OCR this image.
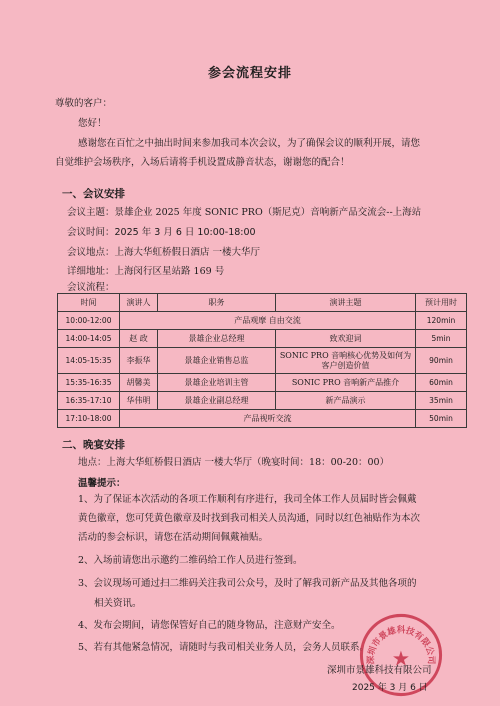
参会流程安排
尊敬的客户：
您好！
感谢您在百忙之中抽出时间来参加我司本次会议，为了确保会议的顺利开展，请您
自觉维护会场秩序，入场后请将手机设置成静音状态，谢谢您的配合！
一、会议安排
会议主题：景雄企业 2025 年度 SONIC PRO（斯尼克）音响新产品交流会--上海站
会议时间：2025 年 3 月 6 日 10:00-18:00
会议地点：上海大华虹桥假日酒店 一楼大华厅
详细地址：上海闵行区星站路 169 号
会议流程：
时间	演讲人	职务	演讲主题	预计用时
10:00-12:00	产品观摩 自由交流			120min
14:00-14:05	赵 政	景雄企业总经理	致欢迎词	5min
14:05-15:35	李振华	景雄企业销售总监	SONIC PRO 音响核心优势及如何为客户创造价值	90min
15:35-16:35	胡馨美	景雄企业培训主管	SONIC PRO 音响新产品推介	60min
16:35-17:10	华伟明	景雄企业副总经理	新产品演示	35min
17:10-18:00	产品视听交流			50min
二、晚宴安排
地点：上海大华虹桥假日酒店 一楼大华厅（晚宴时间：18：00-20：00）
温馨提示：
1、为了保证本次活动的各项工作顺利有序进行，我司全体工作人员届时皆会佩戴
黄色徽章，您可凭黄色徽章及时找到我司相关人员沟通，同时以红色袖贴作为本次
活动的参会标识，请您在活动期间佩戴袖贴。
2、入场前请您出示邀约二维码给工作人员进行签到。
3、会议现场可通过扫二维码关注我司公众号，及时了解我司新产品及其他各项的
相关资讯。
4、发布会期间，请您保管好自己的随身物品，注意财产安全。
5、若有其他紧急情况，请随时与我司相关业务人员，会务人员联系。
深圳市景雄科技有限公司
★
深圳市景雄科技有限公司
2025 年 3 月 6 日
